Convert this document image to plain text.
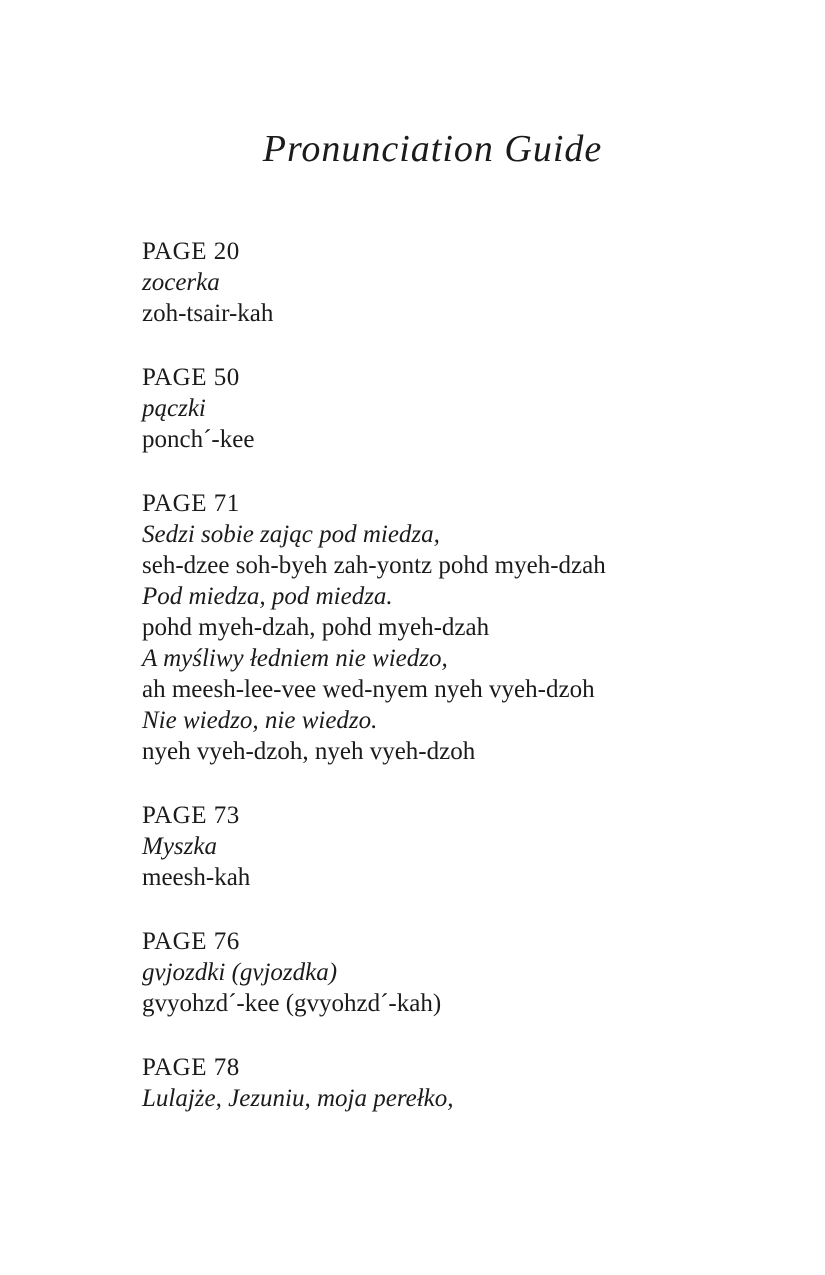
Pronunciation Guide
PAGE 20

zocerka

zoh-tsair-kah

PAGE 50

pączki

ponch´-kee

PAGE 71

Sedzi sobie zając pod miedza,

seh-dzee soh-byeh zah-yontz pohd myeh-dzah

Pod miedza, pod miedza.

pohd myeh-dzah, pohd myeh-dzah

A myśliwy łedniem nie wiedzo,

ah meesh-lee-vee wed-nyem nyeh vyeh-dzoh

Nie wiedzo, nie wiedzo.

nyeh vyeh-dzoh, nyeh vyeh-dzoh

PAGE 73

Myszka

meesh-kah

PAGE 76

gvjozdki (gvjozdka)

gvyohzd´-kee (gvyohzd´-kah)

PAGE 78

Lulajże, Jezuniu, moja perełko,
